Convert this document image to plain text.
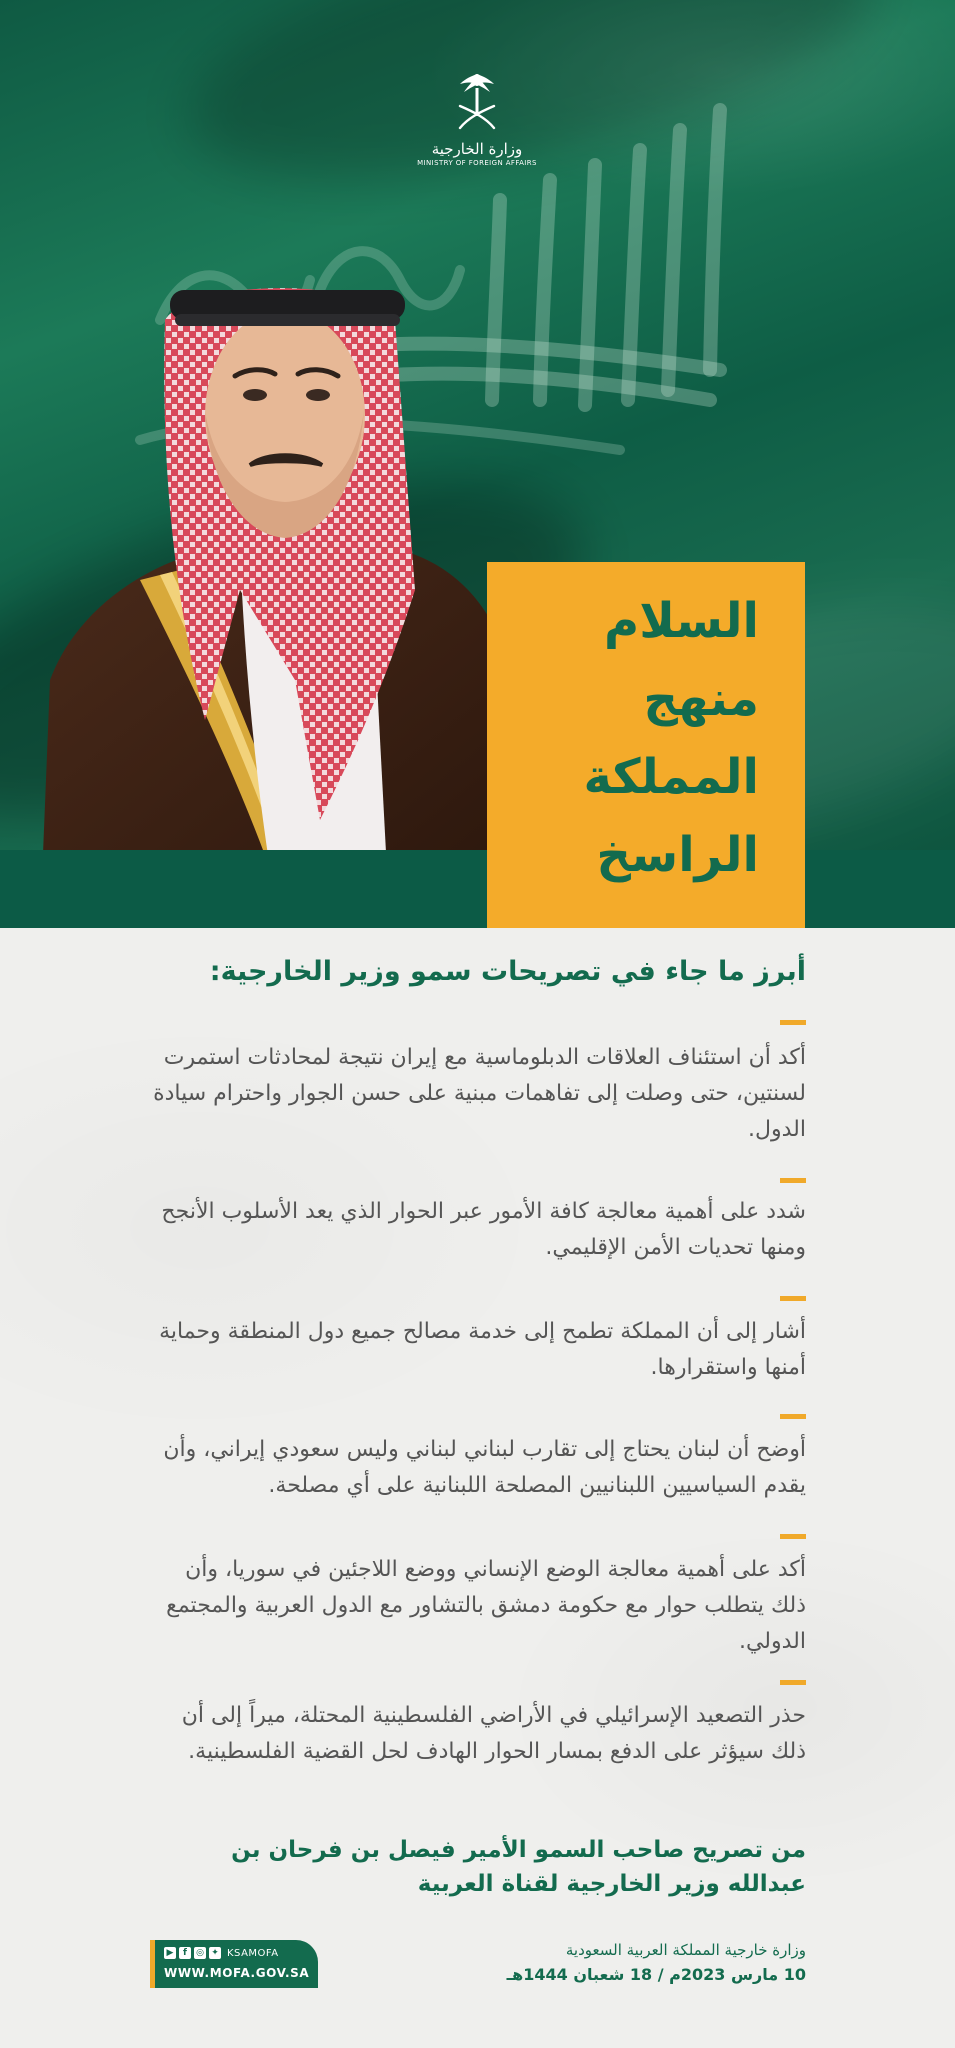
وزارة الخارجية
MINISTRY OF FOREIGN AFFAIRS
السلام
منهج
المملكة
الراسخ
أبرز ما جاء في تصريحات سمو وزير الخارجية:
أكد أن استئناف العلاقات الدبلوماسية مع إيران نتيجة لمحادثات استمرت لسنتين، حتى وصلت إلى تفاهمات مبنية على حسن الجوار واحترام سيادة الدول.
شدد على أهمية معالجة كافة الأمور عبر الحوار الذي يعد الأسلوب الأنجح ومنها تحديات الأمن الإقليمي.
أشار إلى أن المملكة تطمح إلى خدمة مصالح جميع دول المنطقة وحماية أمنها واستقرارها.
أوضح أن لبنان يحتاج إلى تقارب لبناني لبناني وليس سعودي إيراني، وأن يقدم السياسيين اللبنانيين المصلحة اللبنانية على أي مصلحة.
أكد على أهمية معالجة الوضع الإنساني ووضع اللاجئين في سوريا، وأن ذلك يتطلب حوار مع حكومة دمشق بالتشاور مع الدول العربية والمجتمع الدولي.
حذر التصعيد الإسرائيلي في الأراضي الفلسطينية المحتلة، ميراً إلى أن ذلك سيؤثر على الدفع بمسار الحوار الهادف لحل القضية الفلسطينية.
من تصريح صاحب السمو الأمير فيصل بن فرحان بن عبدالله وزير الخارجية لقناة العربية
▶	f	◎ ✦ KSAMOFA
WWW.MOFA.GOV.SA
وزارة خارجية المملكة العربية السعودية
10 مارس 2023م / 18 شعبان 1444هـ
